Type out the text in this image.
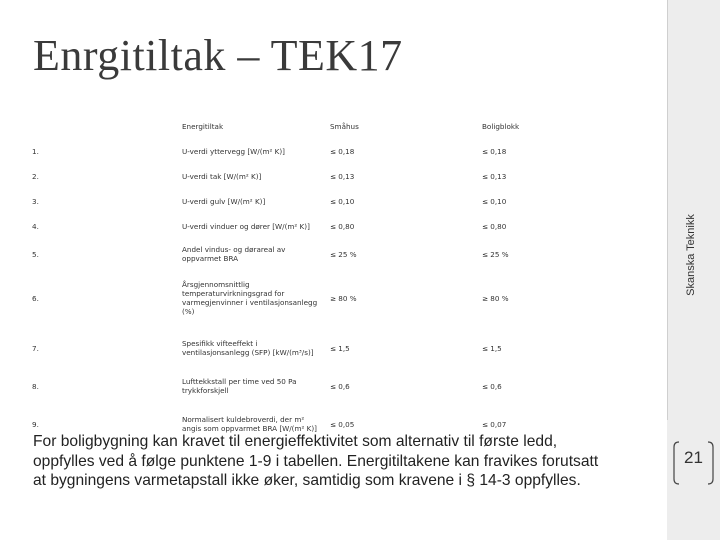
Skanska Teknikk
21
Enrgitiltak – TEK17
	Energitiltak	Småhus	Boligblokk
1.	U-verdi yttervegg [W/(m² K)]	≤ 0,18	≤ 0,18
2.	U-verdi tak [W/(m² K)]	≤ 0,13	≤ 0,13
3.	U-verdi gulv [W/(m² K)]	≤ 0,10	≤ 0,10
4.	U-verdi vinduer og dører [W/(m² K)]	≤ 0,80	≤ 0,80
5.	Andel vindus- og dørareal av oppvarmet BRA	≤ 25 %	≤ 25 %
6.	Årsgjennomsnittlig temperaturvirkningsgrad for varmegjenvinner i ventilasjonsanlegg (%)	≥ 80 %	≥ 80 %
7.	Spesifikk vifteeffekt i ventilasjonsanlegg (SFP) [kW/(m³/s)]	≤ 1,5	≤ 1,5
8.	Lufttekkstall per time ved 50 Pa trykkforskjell	≤ 0,6	≤ 0,6
9.	Normalisert kuldebroverdi, der m² angis som oppvarmet BRA [W/(m² K)]	≤ 0,05	≤ 0,07
For boligbygning kan kravet til energieffektivitet som alternativ til første ledd, oppfylles ved å følge punktene 1-9 i tabellen. Energitiltakene kan fravikes forutsatt at bygningens varmetapstall ikke øker, samtidig som kravene i § 14-3 oppfylles.
